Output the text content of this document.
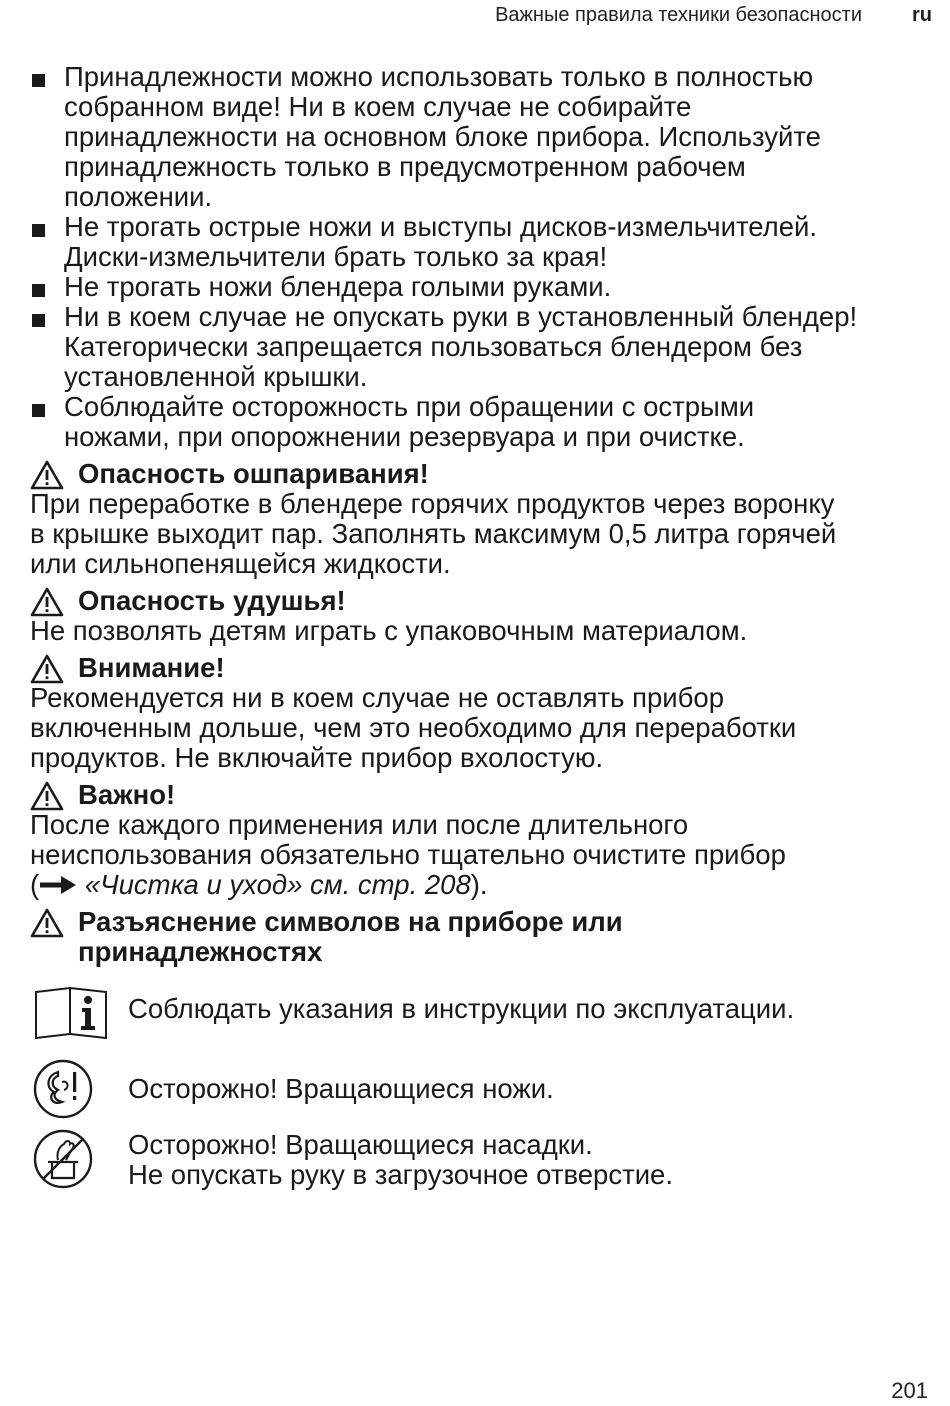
Важные правила техники безопасности	ru
Принадлежности можно использовать только в полностью
собранном виде! Ни в коем случае не собирайте
принадлежности на основном блоке прибора. Используйте
принадлежность только в предусмотренном рабочем
положении.
Не трогать острые ножи и выступы дисков-измельчителей.
Диски-измельчители брать только за края!
Не трогать ножи блендера голыми руками.
Ни в коем случае не опускать руки в установленный блендер!
Категорически запрещается пользоваться блендером без
установленной крышки.
Соблюдайте осторожность при обращении с острыми
ножами, при опорожнении резервуара и при очистке.
Опасность ошпаривания!
При переработке в блендере горячих продуктов через воронку
в крышке выходит пар. Заполнять максимум 0,5 литра горячей
или сильнопенящейся жидкости.
Опасность удушья!
Не позволять детям играть с упаковочным материалом.
Внимание!
Рекомендуется ни в коем случае не оставлять прибор
включенным дольше, чем это необходимо для переработки
продуктов. Не включайте прибор вхолостую.
Важно!
После каждого применения или после длительного
неиспользования обязательно тщательно очистите прибор
( «Чистка и уход» см. стр. 208).
Разъяснение символов на приборе или
принадлежностях
Соблюдать указания в инструкции по эксплуатации.
Осторожно! Вращающиеся ножи.
Осторожно! Вращающиеся насадки.
Не опускать руку в загрузочное отверстие.
201
